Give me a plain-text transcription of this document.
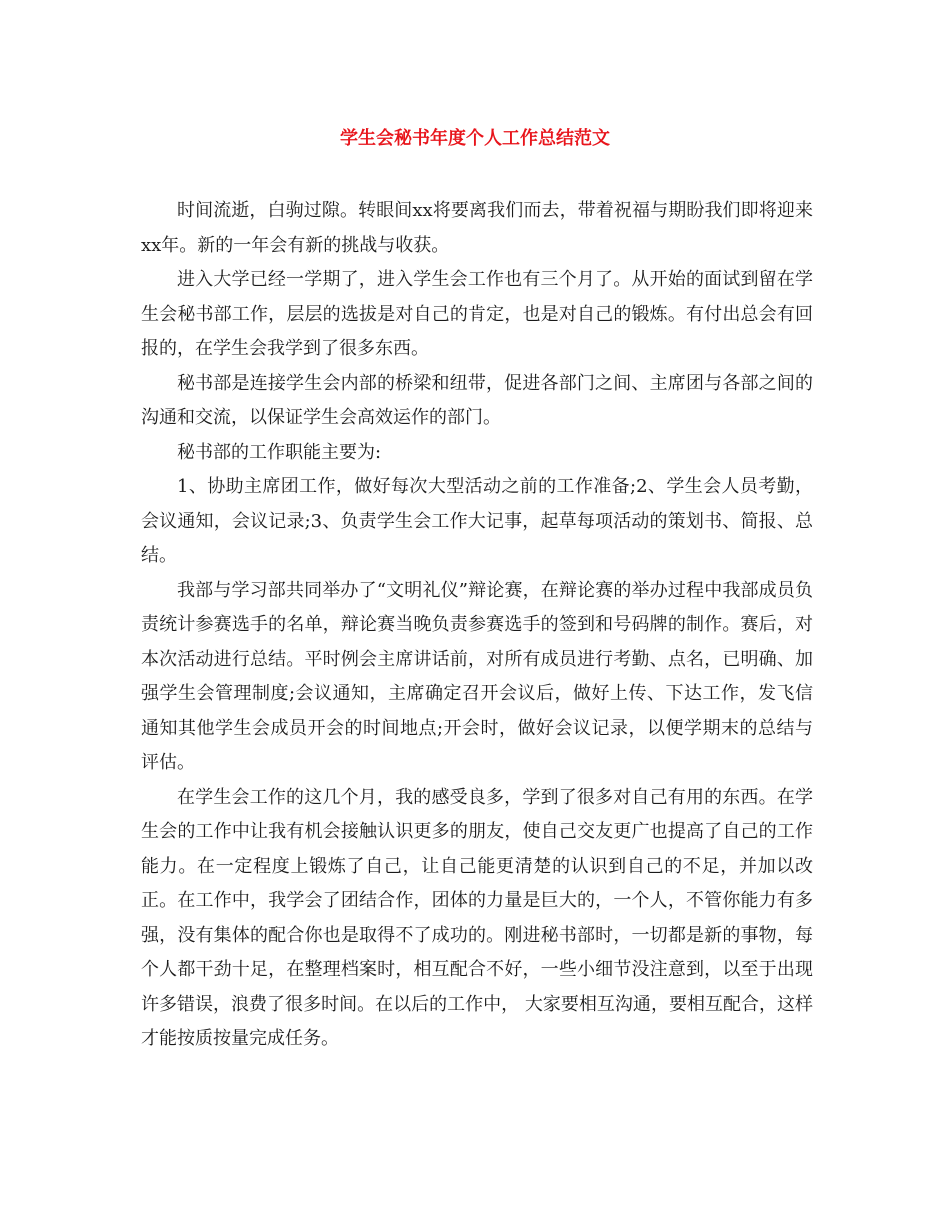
学生会秘书年度个人工作总结范文

时间流逝，白驹过隙。转眼间xx将要离我们而去，带着祝福与期盼我们即将迎来xx年。新的一年会有新的挑战与收获。

进入大学已经一学期了，进入学生会工作也有三个月了。从开始的面试到留在学生会秘书部工作，层层的选拔是对自己的肯定，也是对自己的锻炼。有付出总会有回报的，在学生会我学到了很多东西。

秘书部是连接学生会内部的桥梁和纽带，促进各部门之间、主席团与各部之间的沟通和交流，以保证学生会高效运作的部门。

秘书部的工作职能主要为:

1、协助主席团工作，做好每次大型活动之前的工作准备;2、学生会人员考勤，会议通知，会议记录;3、负责学生会工作大记事，起草每项活动的策划书、简报、总结。

我部与学习部共同举办了“文明礼仪”辩论赛，在辩论赛的举办过程中我部成员负责统计参赛选手的名单，辩论赛当晚负责参赛选手的签到和号码牌的制作。赛后，对本次活动进行总结。平时例会主席讲话前，对所有成员进行考勤、点名，已明确、加强学生会管理制度;会议通知，主席确定召开会议后，做好上传、下达工作，发飞信通知其他学生会成员开会的时间地点;开会时，做好会议记录，以便学期末的总结与评估。

在学生会工作的这几个月，我的感受良多，学到了很多对自己有用的东西。在学生会的工作中让我有机会接触认识更多的朋友，使自己交友更广也提高了自己的工作能力。在一定程度上锻炼了自己，让自己能更清楚的认识到自己的不足，并加以改正。在工作中，我学会了团结合作，团体的力量是巨大的，一个人，不管你能力有多强，没有集体的配合你也是取得不了成功的。刚进秘书部时，一切都是新的事物，每个人都干劲十足，在整理档案时，相互配合不好，一些小细节没注意到，以至于出现许多错误，浪费了很多时间。在以后的工作中， 大家要相互沟通，要相互配合，这样才能按质按量完成任务。
